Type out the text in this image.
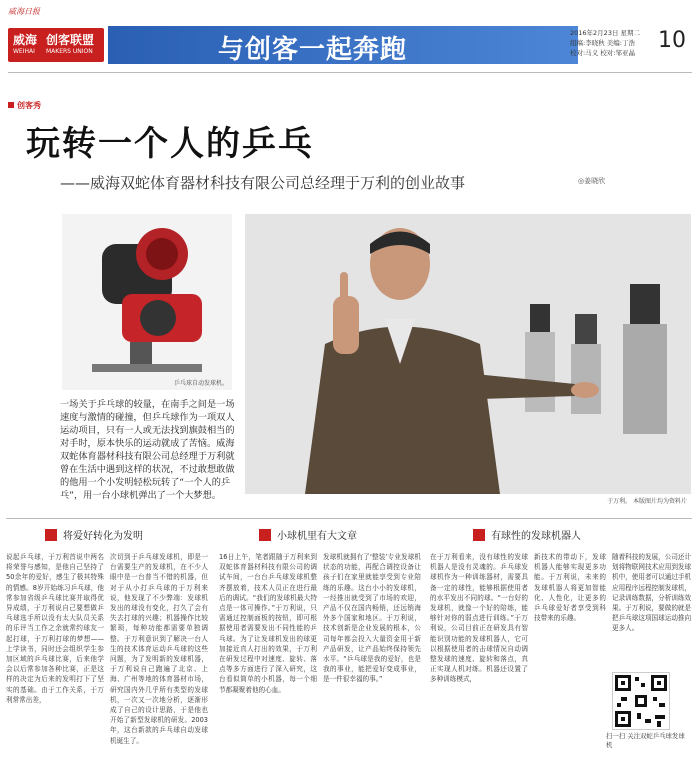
威海日报
威海 创客联盟
WEIHAI MAKERS UNION	与创客一起奔跑
2016年2月23日 星期二
组稿:李晓秋 美编:丁浩
校对:马义 校对:邹亚晶	10
创客秀
玩转一个人的乒乓
——威海双蛇体育器材科技有限公司总经理于万利的创业故事	◎姜晓欣
乒乓球自动发球机。
于万利。 本版图片均为资料片
一场关于乒乓球的较量，在南手之间是一场速度与激情的碰撞，但乒乓球作为一项双人运动项目，只有一人或无法找到旗鼓相当的对手时，原本快乐的运动就成了苦恼。威海双蛇体育器材科技有限公司总经理于万利就曾在生活中遇到这样的状况，不过敢想敢做的他用一个小发明轻松玩转了“一个人的乒乓”，用一台小球机弹出了一个大梦想。
将爱好转化为发明	小球机里有大文章	有球性的发球机器人
说起乒乓球，于万利首说中两名将荣誉与感知，是他自己坚持了50余年的爱好，感生了极其特殊的情感。8岁开始练习乒乓球，他常参加省级乒乓球比赛并取得优异成绩，于万利说自己要想做乒乓球选手所以没有太大队员关系的乐评当工作之余就常约球友一起打球，于万利打球的梦想——上学读书，同时还会组织学生参加区域的乒乓球比赛，后来他学会以后常参加各种比赛，正是这样的决定为后来的发明打下了坚实的基础。由于工作关系，于万利常常出差，
次切到于乒乓球发球机，即是一台需要生产的发球机，在不少人眼中是一台普当不错的机器，但对于从小打乒乓球的于万利来说，他发现了不少弊端：发球机发出的球没有变化，打久了会有失去打球的兴趣；机器操作比较繁琐，每种功能都需要单独调整。于万利意识到了解决一台人生的技术体育运动乒乓球的这些问题，为了发明新的发球机器，于万利说自己跑遍了北京、上海、广州等地的体育器材市场，研究国内外几乎所有类型的发球机，一次又一次地分析，逐渐形成了自己的设计思路，于是他也开始了新型发球机的研发。2003年，这台新款的乒乓球自动发球机诞生了。
16日上午，笔者跟随于万利来到双蛇体育器材科技有限公司的调试车间，一台台乒乓球发球机整齐摆放着，技术人员正在进行最后的调试。“我们的发球机最大特点是一体可操作。”于万利说，只需通过控制面板的按钮，即可根据使用者需要发出不同性能的乒乓球。为了让发球机发出的球更加接近真人打出的效果，于万利在研发过程中对速度、旋转、落点等多方面进行了深入研究，这台看似简单的小机器，每一个细节都凝聚着他的心血。
发球机就拥有了‘整装’专业发球机状态的功能，再配合调控设备让孩子们在家里就能享受到专业陪练的乐趣。这台小小的发球机，一经推出就受到了市场的欢迎，产品不仅在国内畅销，还远销海外多个国家和地区。于万利说，技术创新是企业发展的根本，公司每年都会投入大量资金用于新产品研发，让产品始终保持领先水平。“乒乓球是我的爱好，也是我的事业，能把爱好变成事业，是一件很幸福的事。”
在于万利看来，没有球性的发球机器人是没有灵魂的。乒乓球发球机作为一种训练器材，需要具备一定的球性，能够根据使用者的水平发出不同的球。“一台好的发球机，就像一个好的陪练，能够针对你的弱点进行训练。”于万利说，公司目前正在研发具有智能识别功能的发球机器人，它可以根据使用者的击球情况自动调整发球的速度、旋转和落点，真正实现人机对练。机器还设置了多种训练模式，
新技术的带动下，发球机器人能够实现更多功能。于万利说，未来的发球机器人将更加智能化、人性化，让更多的乒乓球爱好者享受到科技带来的乐趣。
随着科技的发展，公司还计划将物联网技术应用到发球机中，使用者可以通过手机应用程序远程控制发球机，记录训练数据，分析训练效果。于万利说，要做的就是把乒乓球这项国球运动推向更多人。
扫一扫 关注双蛇乒乓球发球机
